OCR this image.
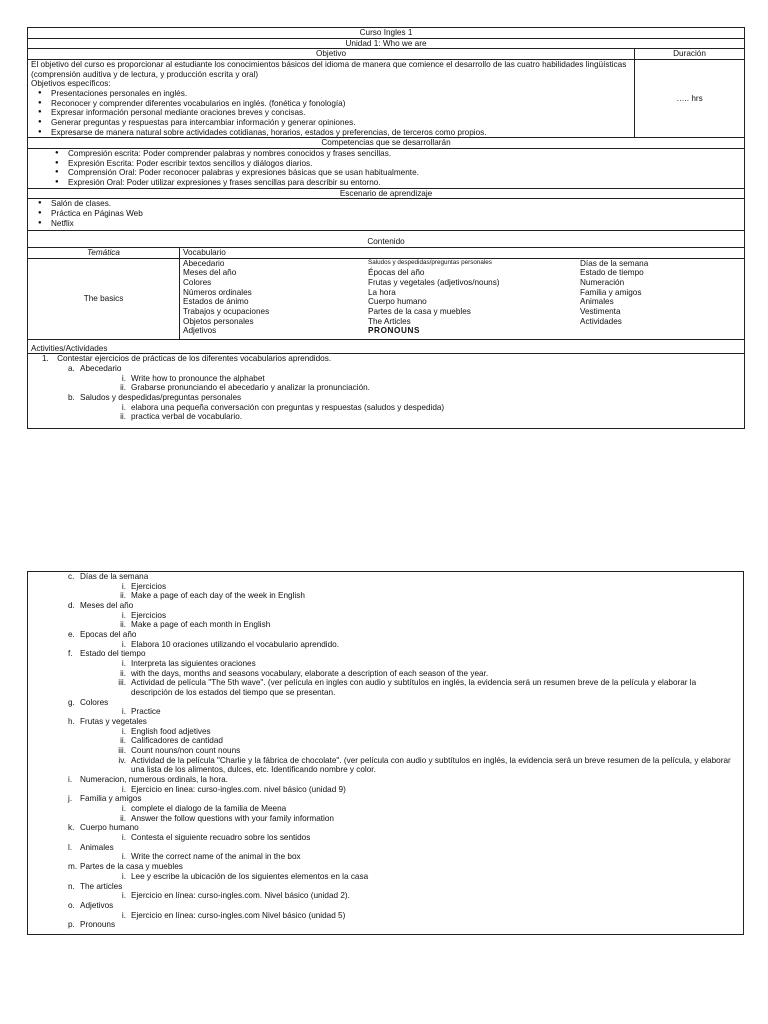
Curso Ingles 1
Unidad 1: Who we are
Objetivo	Duración

El objetivo del curso es proporcionar al estudiante los conocimientos básicos del idioma de manera que comience el desarrollo de las cuatro habilidades lingüísticas (comprensión auditiva y de lectura, y producción escrita y oral)
Objetivos específicos:
● Presentaciones personales en inglés.
● Reconocer y comprender diferentes vocabularios en inglés. (fonética y fonología)
● Expresar información personal mediante oraciones breves y concisas.
● Generar preguntas y respuestas para intercambiar información y generar opiniones.
● Expresarse de manera natural sobre actividades cotidianas, horarios, estados y preferencias, de terceros como propios.
	….. hrs
Competencias que se desarrollarán

● Compresión escrita: Poder comprender palabras y nombres conocidos y frases sencillas.
● Expresión Escrita: Poder escribir textos sencillos y diálogos diarios.
● Comprensión Oral: Poder reconocer palabras y expresiones básicas que se usan habitualmente.
● Expresión Oral: Poder utilizar expresiones y frases sencillas para describir su entorno.

Escenario de aprendizaje

● Salón de clases.
● Práctica en Páginas Web
● Netflix

Contenido
Temática	Vocabulario
The basics	
Abecedario	Saludos y despedidas/preguntas personales	Días de la semana
Meses del año	Épocas del año	Estado de tiempo
Colores	Frutas y vegetales (adjetivos/nouns)	Numeración
Números ordinales	La hora	Familia y amigos
Estados de ánimo	Cuerpo humano	Animales
Trabajos y ocupaciones	Partes de la casa y muebles	Vestimenta
Objetos personales	The Articles	Actividades
Adjetivos	PRONOUNS	

Activities/Actividades

1. Contestar ejercicios de prácticas de los diferentes vocabularios aprendidos.
a. Abecedario
i. Write how to pronounce the alphabet
ii. Grabarse pronunciando el abecedario y analizar la pronunciación.
b. Saludos y despedidas/preguntas personales
i. elabora una pequeña conversación con preguntas y respuestas (saludos y despedida)
ii. practica verbal de vocabulario.
c. Días de la semana
i. Ejercicios
ii. Make a page of each day of the week in English
d. Meses del año
i. Ejercicios
ii. Make a page of each month in English
e. Epocas del año
i. Elabora 10 oraciones utilizando el vocabulario aprendido.
f. Estado del tiempo
i. Interpreta las siguientes oraciones
ii. with the days, months and seasons vocabulary, elaborate a description of each season of the year.
iii. Actividad de película "The 5th wave". (ver película en ingles con audio y subtítulos en inglés, la evidencia será un resumen breve de la película y elaborar la descripción de los estados del tiempo que se presentan.
g. Colores
i. Practice
h. Frutas y vegetales
i. English food adjetives
ii. Calificadores de cantidad
iii. Count nouns/non count nouns
iv. Actividad de la película "Charlie y la fábrica de chocolate". (ver película con audio y subtítulos en inglés, la evidencia será un breve resumen de la película, y elaborar una lista de los alimentos, dulces, etc. Identificando nombre y color.
i. Numeracion, numerous ordinals, la hora.
i. Ejercicio en linea: curso-ingles.com. nivel básico (unidad 9)
j. Familia y amigos
i. complete el dialogo de la familia de Meena
ii. Answer the follow questions with your family information
k. Cuerpo humano
i. Contesta el siguiente recuadro sobre los sentidos
l. Animales
i. Write the correct name of the animal in the box
m. Partes de la casa y muebles
i. Lee y escribe la ubicación de los siguientes elementos en la casa
n. The articles
i. Ejercicio en línea: curso-ingles.com. Nivel básico (unidad 2).
o. Adjetivos
i. Ejercicio en línea: curso-ingles.com Nivel básico (unidad 5)
p. Pronouns
